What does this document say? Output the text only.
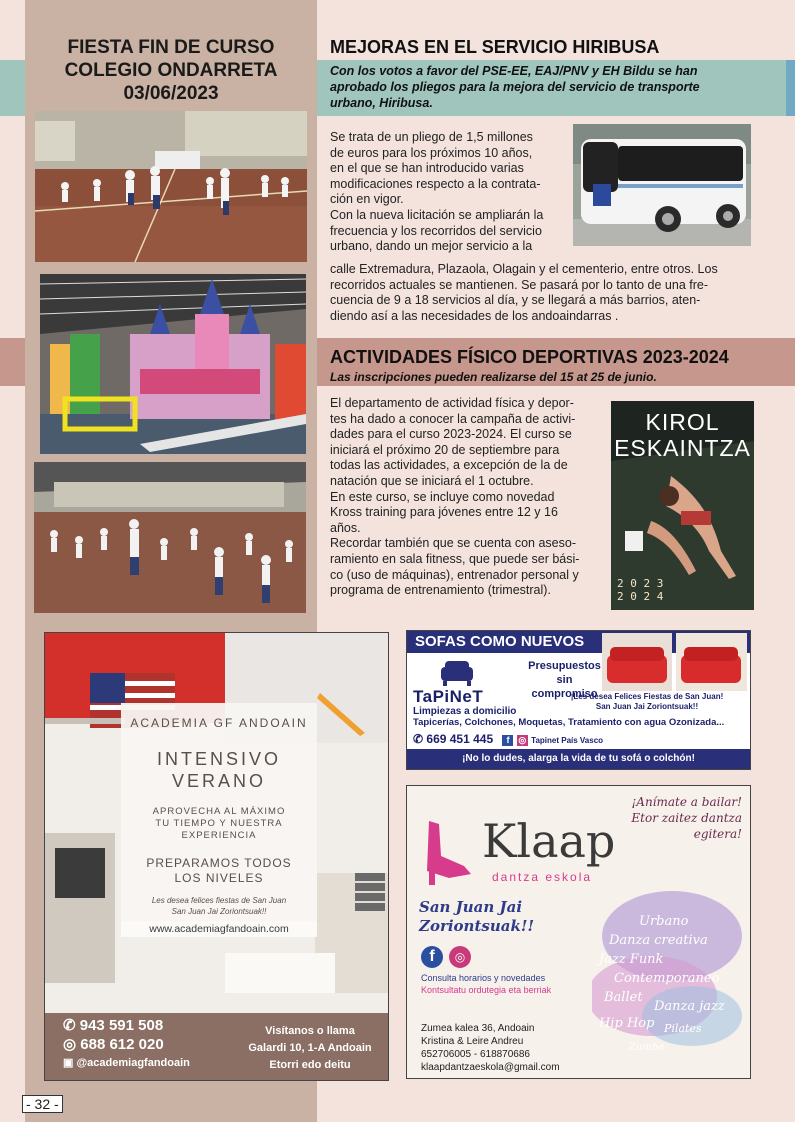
FIESTA FIN DE CURSO
COLEGIO ONDARRETA
03/06/2023
MEJORAS EN EL SERVICIO HIRIBUSA
Con los votos a favor del PSE-EE, EAJ/PNV y EH Bildu se han
aprobado los pliegos para la mejora del servicio de transporte
urbano, Hiribusa.
Se trata de un pliego de 1,5 millones
de euros para los próximos 10 años,
en el que se han introducido varias
modificaciones respecto a la contrata-
ción en vigor.
Con la nueva licitación se ampliarán la
frecuencia y los recorridos del servicio
urbano, dando un mejor servicio a la
calle Extremadura, Plazaola, Olagain y el cementerio, entre otros. Los
recorridos actuales se mantienen. Se pasará por lo tanto de una fre-
cuencia de 9 a 18 servicios al día, y se llegará a más barrios, aten-
diendo así a las necesidades de los andoaindarras .
ACTIVIDADES FÍSICO DEPORTIVAS 2023-2024
Las inscripciones pueden realizarse del 15 at 25 de junio.
El departamento de actividad física y depor-
tes ha dado a conocer la campaña de activi-
dades para el curso 2023-2024. El curso se
iniciará el próximo 20 de septiembre para
todas las actividades, a excepción de la de
natación que se iniciará el 1 octubre.
En este curso, se incluye como novedad
Kross training para jóvenes entre 12 y 16
años.
Recordar también que se cuenta con aseso-
ramiento en sala fitness, que puede ser bási-
co (uso de máquinas), entrenador personal y
programa de entrenamiento (trimestral).
KIROL
ESKAINTZA
2 0 2 3
2 0 2 4
ACADEMIA GF ANDOAIN
INTENSIVO
VERANO
APROVECHA AL MÁXIMO
TU TIEMPO Y NUESTRA
EXPERIENCIA
PREPARAMOS TODOS
LOS NIVELES
Les desea felices fiestas de San Juan
San Juan Jai Zoriontsuak!!
www.academiagfandoain.com
✆ 943 591 508
◎ 688 612 020
▣ @academiagfandoain
Visítanos o llama
Galardi 10, 1-A Andoain
Etorri edo deitu
SOFAS COMO NUEVOS
Presupuestos
sin compromiso
TaPiNeT
Limpiezas a domicilio
¡Les desea Felices Fiestas de San Juan!
San Juan Jai Zoriontsuak!!
Tapicerías, Colchones, Moquetas, Tratamiento con agua Ozonizada...
✆ 669 451 445 f ◎ Tapinet País Vasco
¡No lo dudes, alarga la vida de tu sofá o colchón!
¡Anímate a bailar!
Etor zaitez dantza egitera!
Klaap
dantza eskola
San Juan Jai
Zoriontsuak!!
f	◎
Consulta horarios y novedades
Kontsultatu ordutegia eta berriak
Urbano
Danza creativa
Jazz Funk
Contemporaneo
Ballet
Danza jazz
Hip Hop Pilates
Zumba
Zumea kalea 36, Andoain
Kristina & Leire Andreu
652706005 - 618870686
klaapdantzaeskola@gmail.com
- 32 -
